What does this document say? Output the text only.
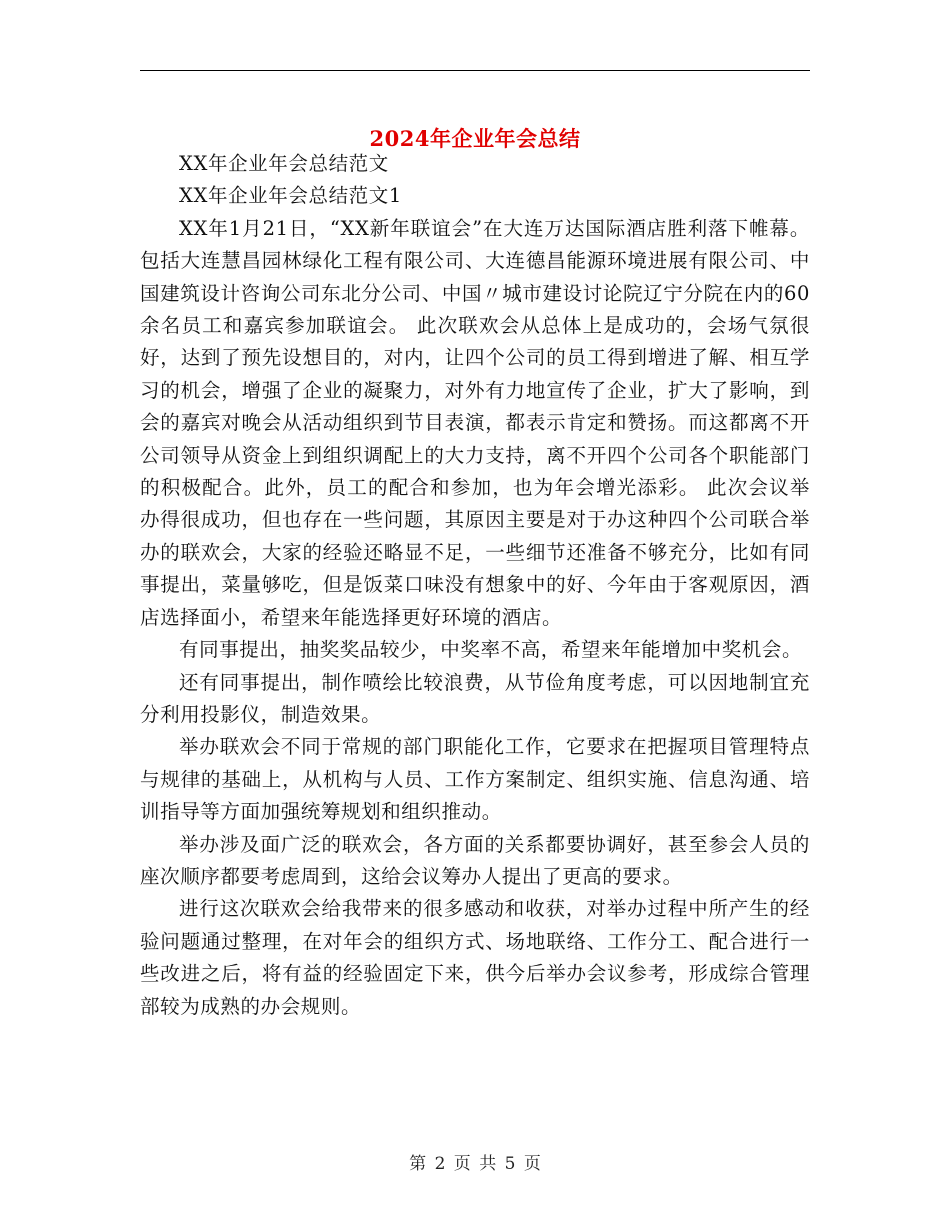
2024年企业年会总结

XX年企业年会总结范文

XX年企业年会总结范文1

XX年1月21日，“XX新年联谊会”在大连万达国际酒店胜利落下帷幕。包括大连慧昌园林绿化工程有限公司、大连德昌能源环境进展有限公司、中国建筑设计咨询公司东北分公司、中国〃城市建设讨论院辽宁分院在内的60余名员工和嘉宾参加联谊会。 此次联欢会从总体上是成功的，会场气氛很好，达到了预先设想目的，对内，让四个公司的员工得到增进了解、相互学习的机会，增强了企业的凝聚力，对外有力地宣传了企业，扩大了影响，到会的嘉宾对晚会从活动组织到节目表演，都表示肯定和赞扬。而这都离不开公司领导从资金上到组织调配上的大力支持，离不开四个公司各个职能部门的积极配合。此外，员工的配合和参加，也为年会增光添彩。 此次会议举办得很成功，但也存在一些问题，其原因主要是对于办这种四个公司联合举办的联欢会，大家的经验还略显不足，一些细节还准备不够充分，比如有同事提出，菜量够吃，但是饭菜口味没有想象中的好、今年由于客观原因，酒店选择面小，希望来年能选择更好环境的酒店。

有同事提出，抽奖奖品较少，中奖率不高，希望来年能增加中奖机会。

还有同事提出，制作喷绘比较浪费，从节俭角度考虑，可以因地制宜充分利用投影仪，制造效果。

举办联欢会不同于常规的部门职能化工作，它要求在把握项目管理特点与规律的基础上，从机构与人员、工作方案制定、组织实施、信息沟通、培训指导等方面加强统筹规划和组织推动。

举办涉及面广泛的联欢会，各方面的关系都要协调好，甚至参会人员的座次顺序都要考虑周到，这给会议筹办人提出了更高的要求。

进行这次联欢会给我带来的很多感动和收获，对举办过程中所产生的经验问题通过整理，在对年会的组织方式、场地联络、工作分工、配合进行一些改进之后，将有益的经验固定下来，供今后举办会议参考，形成综合管理部较为成熟的办会规则。

第 2 页 共 5 页
